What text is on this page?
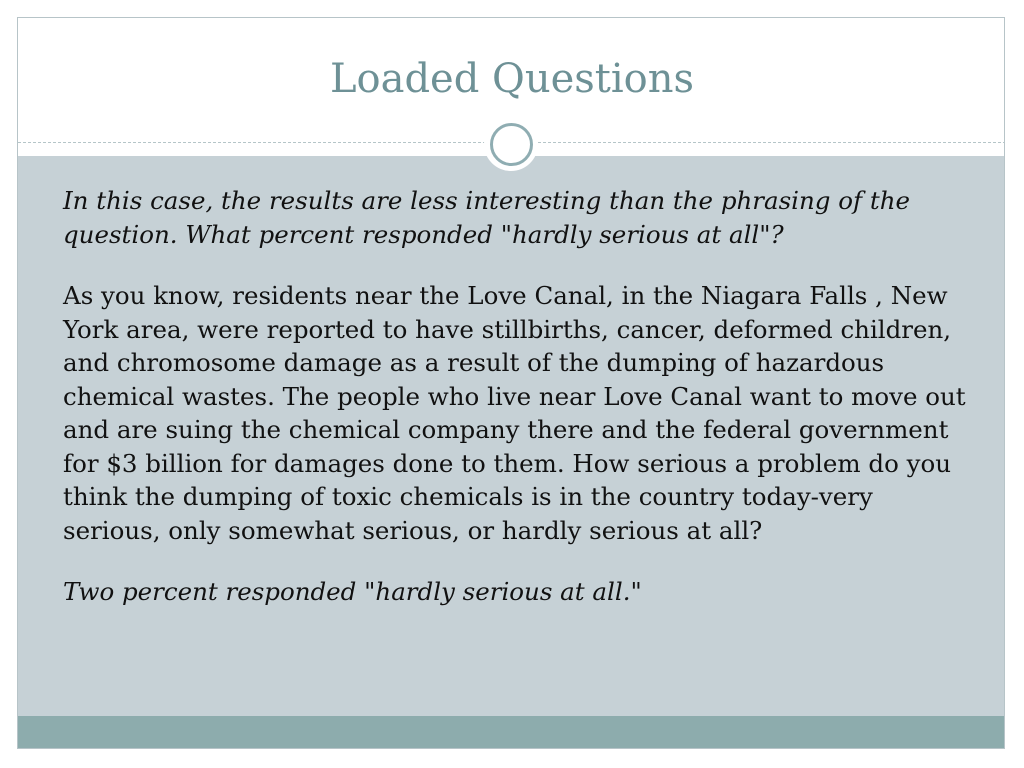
Loaded Questions

In this case, the results are less interesting than the phrasing of the question. What percent responded "hardly serious at all"?

As you know, residents near the Love Canal, in the Niagara Falls , New York area, were reported to have stillbirths, cancer, deformed children, and chromosome damage as a result of the dumping of hazardous chemical wastes. The people who live near Love Canal want to move out and are suing the chemical company there and the federal government for $3 billion for damages done to them. How serious a problem do you think the dumping of toxic chemicals is in the country today-very serious, only somewhat serious, or hardly serious at all?

Two percent responded "hardly serious at all."
